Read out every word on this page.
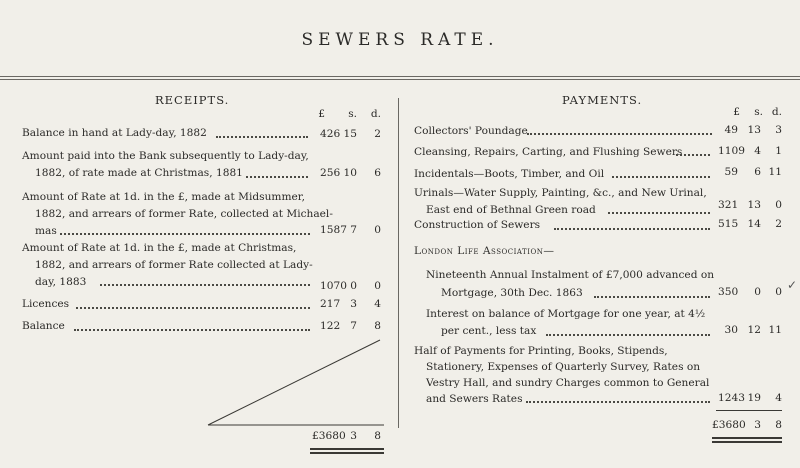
SEWERS RATE.
RECEIPTS.
£	s.	d.
Balance in hand at Lady-day, 1882	426 15	2
Amount paid into the Bank subsequently to Lady-day,
1882, of rate made at Christmas, 1881	256 10	6
Amount of Rate at 1d. in the £, made at Midsummer,
1882, and arrears of former Rate, collected at Michael-
mas	1587 7	0
Amount of Rate at 1d. in the £, made at Christmas,
1882, and arrears of former Rate collected at Lady-
day, 1883	1070 0	0
Licences	217 3	4
Balance	122 7	8
£3680 3	8
PAYMENTS.
£	s. d.
Collectors' Poundage	49 13	3
Cleansing, Repairs, Carting, and Flushing Sewers	1109 4	1
Incidentals—Boots, Timber, and Oil	59	6 11
Urinals—Water Supply, Painting, &c., and New Urinal,
East end of Bethnal Green road	321 13	0
Construction of Sewers	515 14	2
London Life Association—
Nineteenth Annual Instalment of £7,000 advanced on
Mortgage, 30th Dec. 1863	350	0	0 ✓
Interest on balance of Mortgage for one year, at 4½
per cent., less tax	30 12 11
Half of Payments for Printing, Books, Stipends,
Stationery, Expenses of Quarterly Survey, Rates on
Vestry Hall, and sundry Charges common to General
and Sewers Rates	1243 19	4
£3680 3	8
